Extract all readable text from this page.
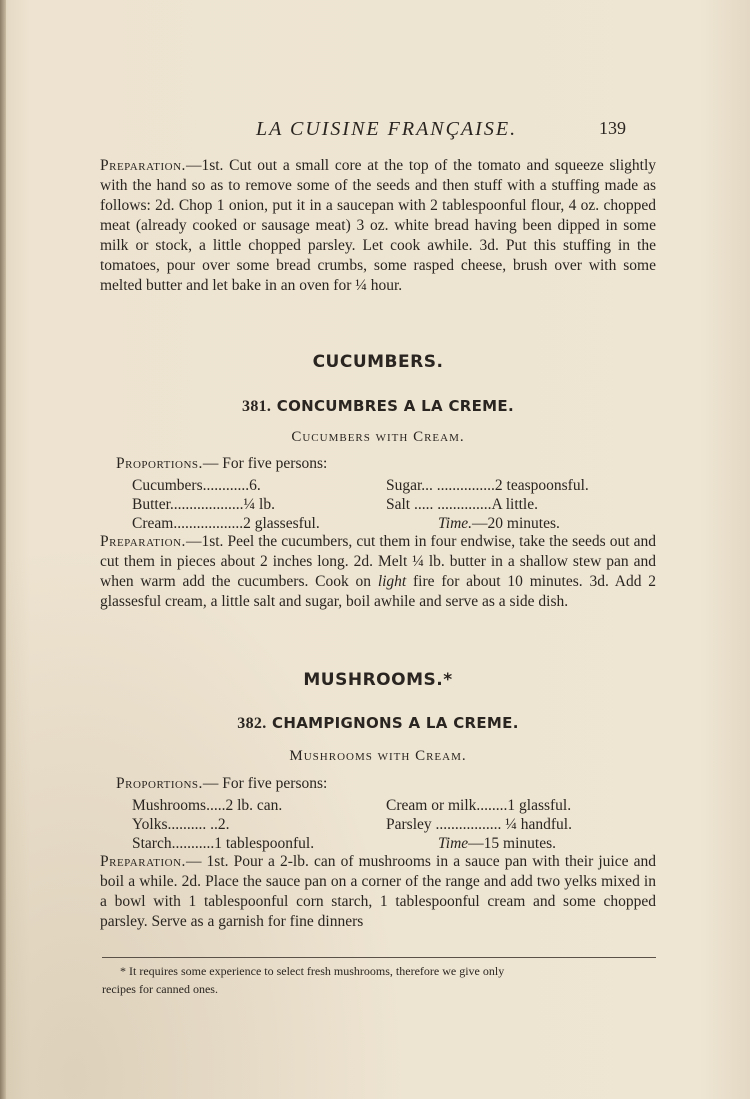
LA CUISINE FRANÇAISE.	139

Preparation.—1st. Cut out a small core at the top of the tomato and squeeze slightly with the hand so as to remove some of the seeds and then stuff with a stuffing made as follows: 2d. Chop 1 onion, put it in a saucepan with 2 tablespoonful flour, 4 oz. chopped meat (already cooked or sausage meat) 3 oz. white bread having been dipped in some milk or stock, a little chopped parsley. Let cook awhile. 3d. Put this stuffing in the tomatoes, pour over some bread crumbs, some rasped cheese, brush over with some melted butter and let bake in an oven for ¼ hour.

CUCUMBERS.
381. CONCUMBRES A LA CREME.

Cucumbers with Cream.

Proportions.— For five persons:

Cucumbers............6.	Sugar... ...............2 teaspoonsful.
Butter...................¼ lb.	Salt ..... ..............A little.
Cream..................2 glassesful.	Time.—20 minutes.

Preparation.—1st. Peel the cucumbers, cut them in four endwise, take the seeds out and cut them in pieces about 2 inches long. 2d. Melt ¼ lb. butter in a shallow stew pan and when warm add the cucumbers. Cook on light fire for about 10 minutes. 3d. Add 2 glassesful cream, a little salt and sugar, boil awhile and serve as a side dish.

MUSHROOMS.*
382. CHAMPIGNONS A LA CREME.

Mushrooms with Cream.

Proportions.— For five persons:

Mushrooms.....2 lb. can.	Cream or milk........1 glassful.
Yolks.......... ..2.	Parsley ................. ¼ handful.
Starch...........1 tablespoonful.	Time—15 minutes.

Preparation.— 1st. Pour a 2-lb. can of mushrooms in a sauce pan with their juice and boil a while. 2d. Place the sauce pan on a corner of the range and add two yelks mixed in a bowl with 1 tablespoonful corn starch, 1 tablespoonful cream and some chopped parsley. Serve as a garnish for fine dinners

* It requires some experience to select fresh mushrooms, therefore we give only
recipes for canned ones.
